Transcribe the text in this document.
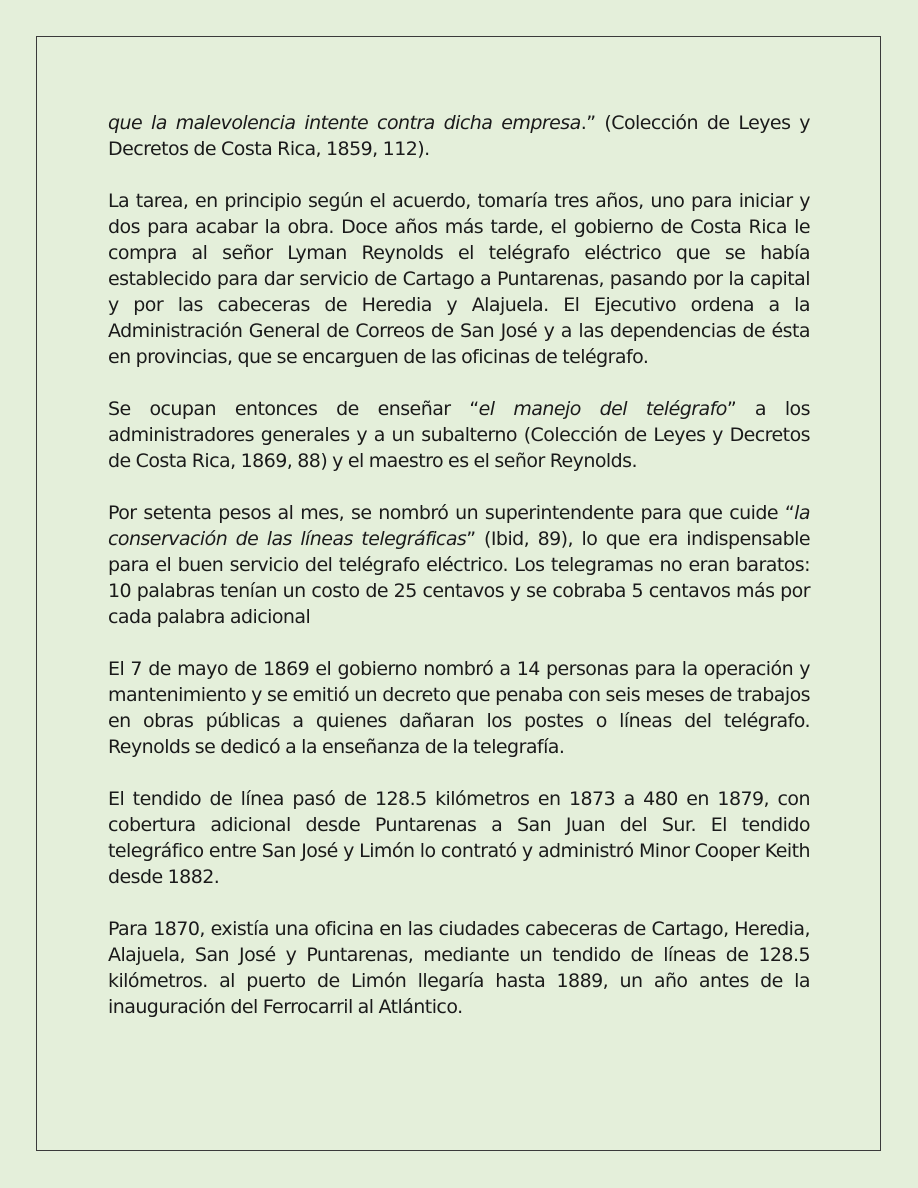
que la malevolencia intente contra dicha empresa.” (Colección de Leyes y Decretos de Costa Rica, 1859, 112).

La tarea, en principio según el acuerdo, tomaría tres años, uno para iniciar y dos para acabar la obra. Doce años más tarde, el gobierno de Costa Rica le compra al señor Lyman Reynolds el telégrafo eléctrico que se había establecido para dar servicio de Cartago a Puntarenas, pasando por la capital y por las cabeceras de Heredia y Alajuela. El Ejecutivo ordena a la Administración General de Correos de San José y a las dependencias de ésta en provincias, que se encarguen de las oficinas de telégrafo.

Se ocupan entonces de enseñar “el manejo del telégrafo” a los administradores generales y a un subalterno (Colección de Leyes y Decretos de Costa Rica, 1869, 88) y el maestro es el señor Reynolds.

Por setenta pesos al mes, se nombró un superintendente para que cuide “la conservación de las líneas telegráficas” (Ibid, 89), lo que era indispensable para el buen servicio del telégrafo eléctrico. Los telegramas no eran baratos: 10 palabras tenían un costo de 25 centavos y se cobraba 5 centavos más por cada palabra adicional

El 7 de mayo de 1869 el gobierno nombró a 14 personas para la operación y mantenimiento y se emitió un decreto que penaba con seis meses de trabajos en obras públicas a quienes dañaran los postes o líneas del telégrafo. Reynolds se dedicó a la enseñanza de la telegrafía.

El tendido de línea pasó de 128.5 kilómetros en 1873 a 480 en 1879, con cobertura adicional desde Puntarenas a San Juan del Sur. El tendido telegráfico entre San José y Limón lo contrató y administró Minor Cooper Keith desde 1882.

Para 1870, existía una oficina en las ciudades cabeceras de Cartago, Heredia, Alajuela, San José y Puntarenas, mediante un tendido de líneas de 128.5 kilómetros. al puerto de Limón llegaría hasta 1889, un año antes de la inauguración del Ferrocarril al Atlántico.
